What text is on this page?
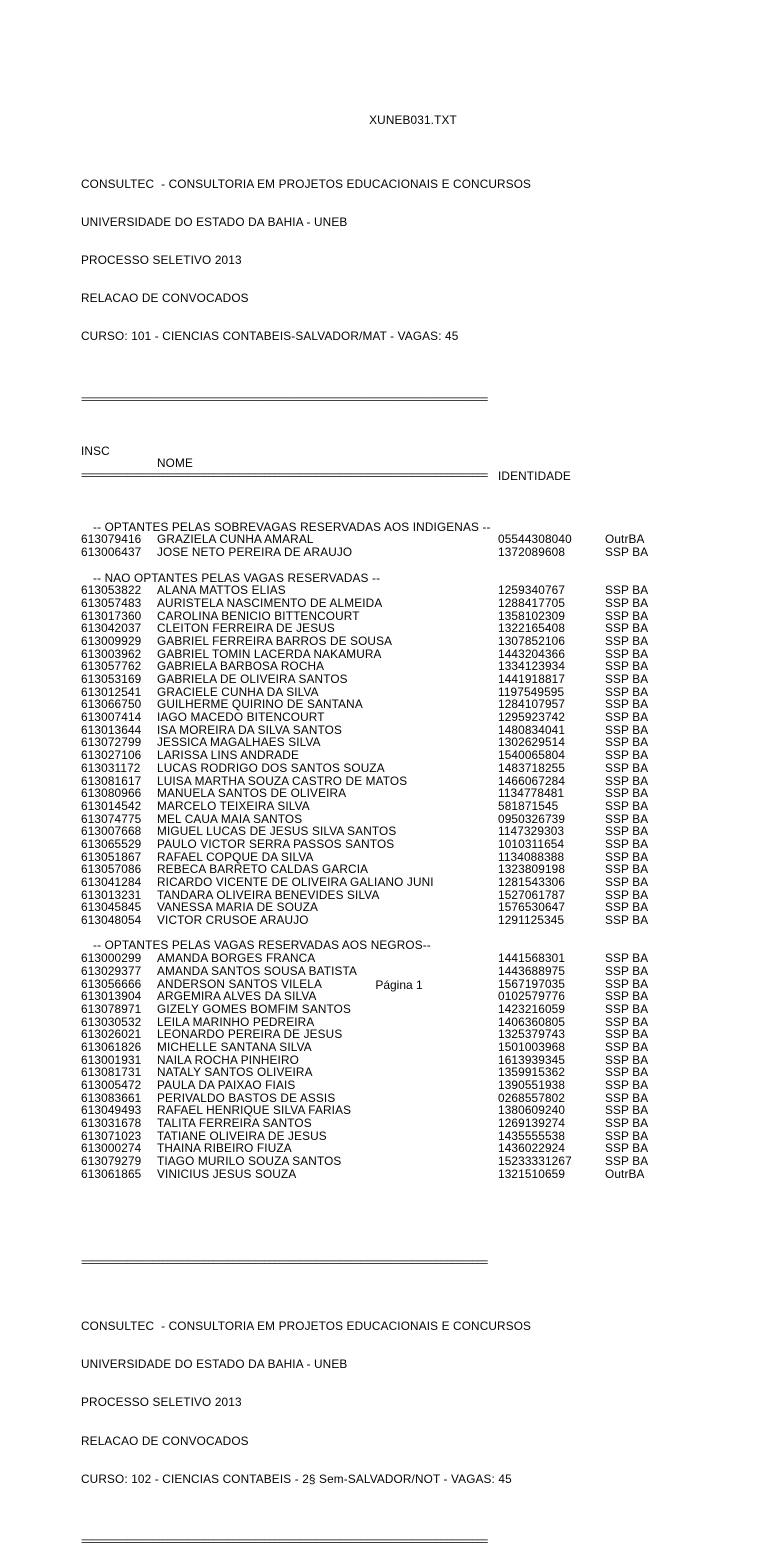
XUNEB031.TXT

CONSULTEC  - CONSULTORIA EM PROJETOS EDUCACIONAIS E CONCURSOS

UNIVERSIDADE DO ESTADO DA BAHIA - UNEB

PROCESSO SELETIVO 2013

RELACAO DE CONVOCADOS

CURSO: 101 - CIENCIAS CONTABEIS-SALVADOR/MAT - VAGAS: 45

================================================================================

INSC

NOME

IDENTIDADE

================================================================================

-- OPTANTES PELAS SOBREVAGAS RESERVADAS AOS INDIGENAS --
613079416 GRAZIELA CUNHA AMARAL	05544308040	OutrBA
613006437 JOSE NETO PEREIRA DE ARAUJO	1372089608	SSP BA
-- NAO OPTANTES PELAS VAGAS RESERVADAS --
613053822 ALANA MATTOS ELIAS	1259340767	SSP BA
613057483 AURISTELA NASCIMENTO DE ALMEIDA	1288417705	SSP BA
613017360 CAROLINA BENICIO BITTENCOURT	1358102309	SSP BA
613042037 CLEITON FERREIRA DE JESUS	1322165408	SSP BA
613009929 GABRIEL FERREIRA BARROS DE SOUSA	1307852106	SSP BA
613003962 GABRIEL TOMIN LACERDA NAKAMURA	1443204366	SSP BA
613057762 GABRIELA BARBOSA ROCHA	1334123934	SSP BA
613053169 GABRIELA DE OLIVEIRA SANTOS	1441918817	SSP BA
613012541 GRACIELE CUNHA DA SILVA	1197549595	SSP BA
613066750 GUILHERME QUIRINO DE SANTANA	1284107957	SSP BA
613007414 IAGO MACEDO BITENCOURT	1295923742	SSP BA
613013644 ISA MOREIRA DA SILVA SANTOS	1480834041	SSP BA
613072799 JESSICA MAGALHAES SILVA	1302629514	SSP BA
613027106 LARISSA LINS ANDRADE	1540065804	SSP BA
613031172 LUCAS RODRIGO DOS SANTOS SOUZA	1483718255	SSP BA
613081617 LUISA MARTHA SOUZA CASTRO DE MATOS	1466067284	SSP BA
613080966 MANUELA SANTOS DE OLIVEIRA	1134778481	SSP BA
613014542 MARCELO TEIXEIRA SILVA	581871545	SSP BA
613074775 MEL CAUA MAIA SANTOS	0950326739	SSP BA
613007668 MIGUEL LUCAS DE JESUS SILVA SANTOS	1147329303	SSP BA
613065529 PAULO VICTOR SERRA PASSOS SANTOS	1010311654	SSP BA
613051867 RAFAEL COPQUE DA SILVA	1134088388	SSP BA
613057086 REBECA BARRETO CALDAS GARCIA	1323809198	SSP BA
613041284 RICARDO VICENTE DE OLIVEIRA GALIANO JUNI	1281543306	SSP BA
613013231 TANDARA OLIVEIRA BENEVIDES SILVA	1527061787	SSP BA
613045845 VANESSA MARIA DE SOUZA	1576530647	SSP BA
613048054 VICTOR CRUSOE ARAUJO	1291125345	SSP BA
-- OPTANTES PELAS VAGAS RESERVADAS AOS NEGROS--
613000299 AMANDA BORGES FRANCA	1441568301	SSP BA
613029377 AMANDA SANTOS SOUSA BATISTA	1443688975	SSP BA
613056666 ANDERSON SANTOS VILELA	1567197035	SSP BA
613013904 ARGEMIRA ALVES DA SILVA	0102579776	SSP BA
613078971 GIZELY GOMES BOMFIM SANTOS	1423216059	SSP BA
613030532 LEILA MARINHO PEDREIRA	1406360805	SSP BA
613026021 LEONARDO PEREIRA DE JESUS	1325379743	SSP BA
613061826 MICHELLE SANTANA SILVA	1501003968	SSP BA
613001931 NAILA ROCHA PINHEIRO	1613939345	SSP BA
613081731 NATALY SANTOS OLIVEIRA	1359915362	SSP BA
613005472 PAULA DA PAIXAO FIAIS	1390551938	SSP BA
613083661 PERIVALDO BASTOS DE ASSIS	0268557802	SSP BA
613049493 RAFAEL HENRIQUE SILVA FARIAS	1380609240	SSP BA
613031678 TALITA FERREIRA SANTOS	1269139274	SSP BA
613071023 TATIANE OLIVEIRA DE JESUS	1435555538	SSP BA
613000274 THAINA RIBEIRO FIUZA	1436022924	SSP BA
613079279 TIAGO MURILO SOUZA SANTOS	15233331267	SSP BA
613061865 VINICIUS JESUS SOUZA	1321510659	OutrBA

================================================================================

CONSULTEC  - CONSULTORIA EM PROJETOS EDUCACIONAIS E CONCURSOS

UNIVERSIDADE DO ESTADO DA BAHIA - UNEB

PROCESSO SELETIVO 2013

RELACAO DE CONVOCADOS

CURSO: 102 - CIENCIAS CONTABEIS - 2§ Sem-SALVADOR/NOT - VAGAS: 45

================================================================================

Página 1
